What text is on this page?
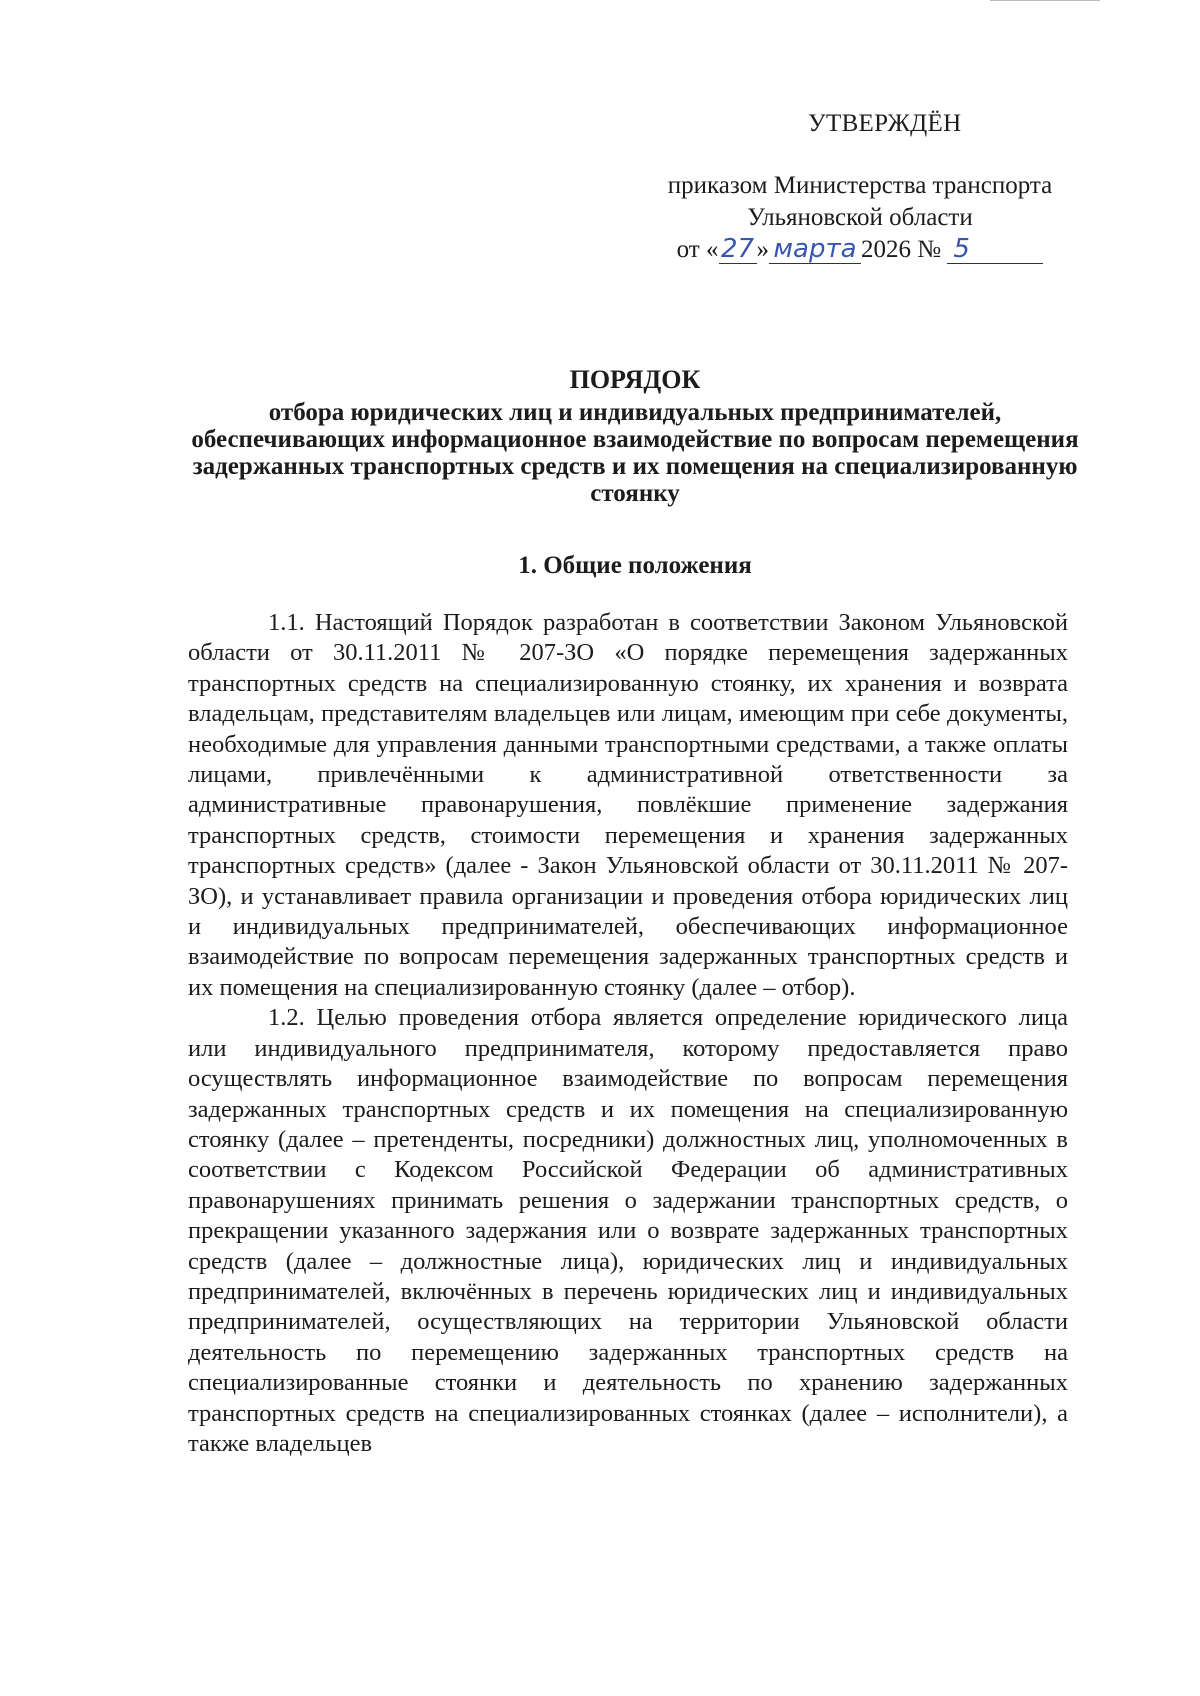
УТВЕРЖДЁН
приказом Министерства транспорта
Ульяновской области
от «27» марта 2026 № 5
ПОРЯДОК
отбора юридических лиц и индивидуальных предпринимателей, обеспечивающих информационное взаимодействие по вопросам перемещения задержанных транспортных средств и их помещения на специализированную стоянку
1. Общие положения

1.1. Настоящий Порядок разработан в соответствии Законом Ульяновской области от 30.11.2011 № 207-ЗО «О порядке перемещения задержанных транспортных средств на специализированную стоянку, их хранения и возврата владельцам, представителям владельцев или лицам, имеющим при себе документы, необходимые для управления данными транспортными средствами, а также оплаты лицами, привлечёнными к административной ответственности за административные правонарушения, повлёкшие применение задержания транспортных средств, стоимости перемещения и хранения задержанных транспортных средств» (далее - Закон Ульяновской области от 30.11.2011 № 207-ЗО), и устанавливает правила организации и проведения отбора юридических лиц и индивидуальных предпринимателей, обеспечивающих информационное взаимодействие по вопросам перемещения задержанных транспортных средств и их помещения на специализированную стоянку (далее – отбор).

1.2. Целью проведения отбора является определение юридического лица или индивидуального предпринимателя, которому предоставляется право осуществлять информационное взаимодействие по вопросам перемещения задержанных транспортных средств и их помещения на специализированную стоянку (далее – претенденты, посредники) должностных лиц, уполномоченных в соответствии с Кодексом Российской Федерации об административных правонарушениях принимать решения о задержании транспортных средств, о прекращении указанного задержания или о возврате задержанных транспортных средств (далее – должностные лица), юридических лиц и индивидуальных предпринимателей, включённых в перечень юридических лиц и индивидуальных предпринимателей, осуществляющих на территории Ульяновской области деятельность по перемещению задержанных транспортных средств на специализированные стоянки и деятельность по хранению задержанных транспортных средств на специализированных стоянках (далее – исполнители), а также владельцев
